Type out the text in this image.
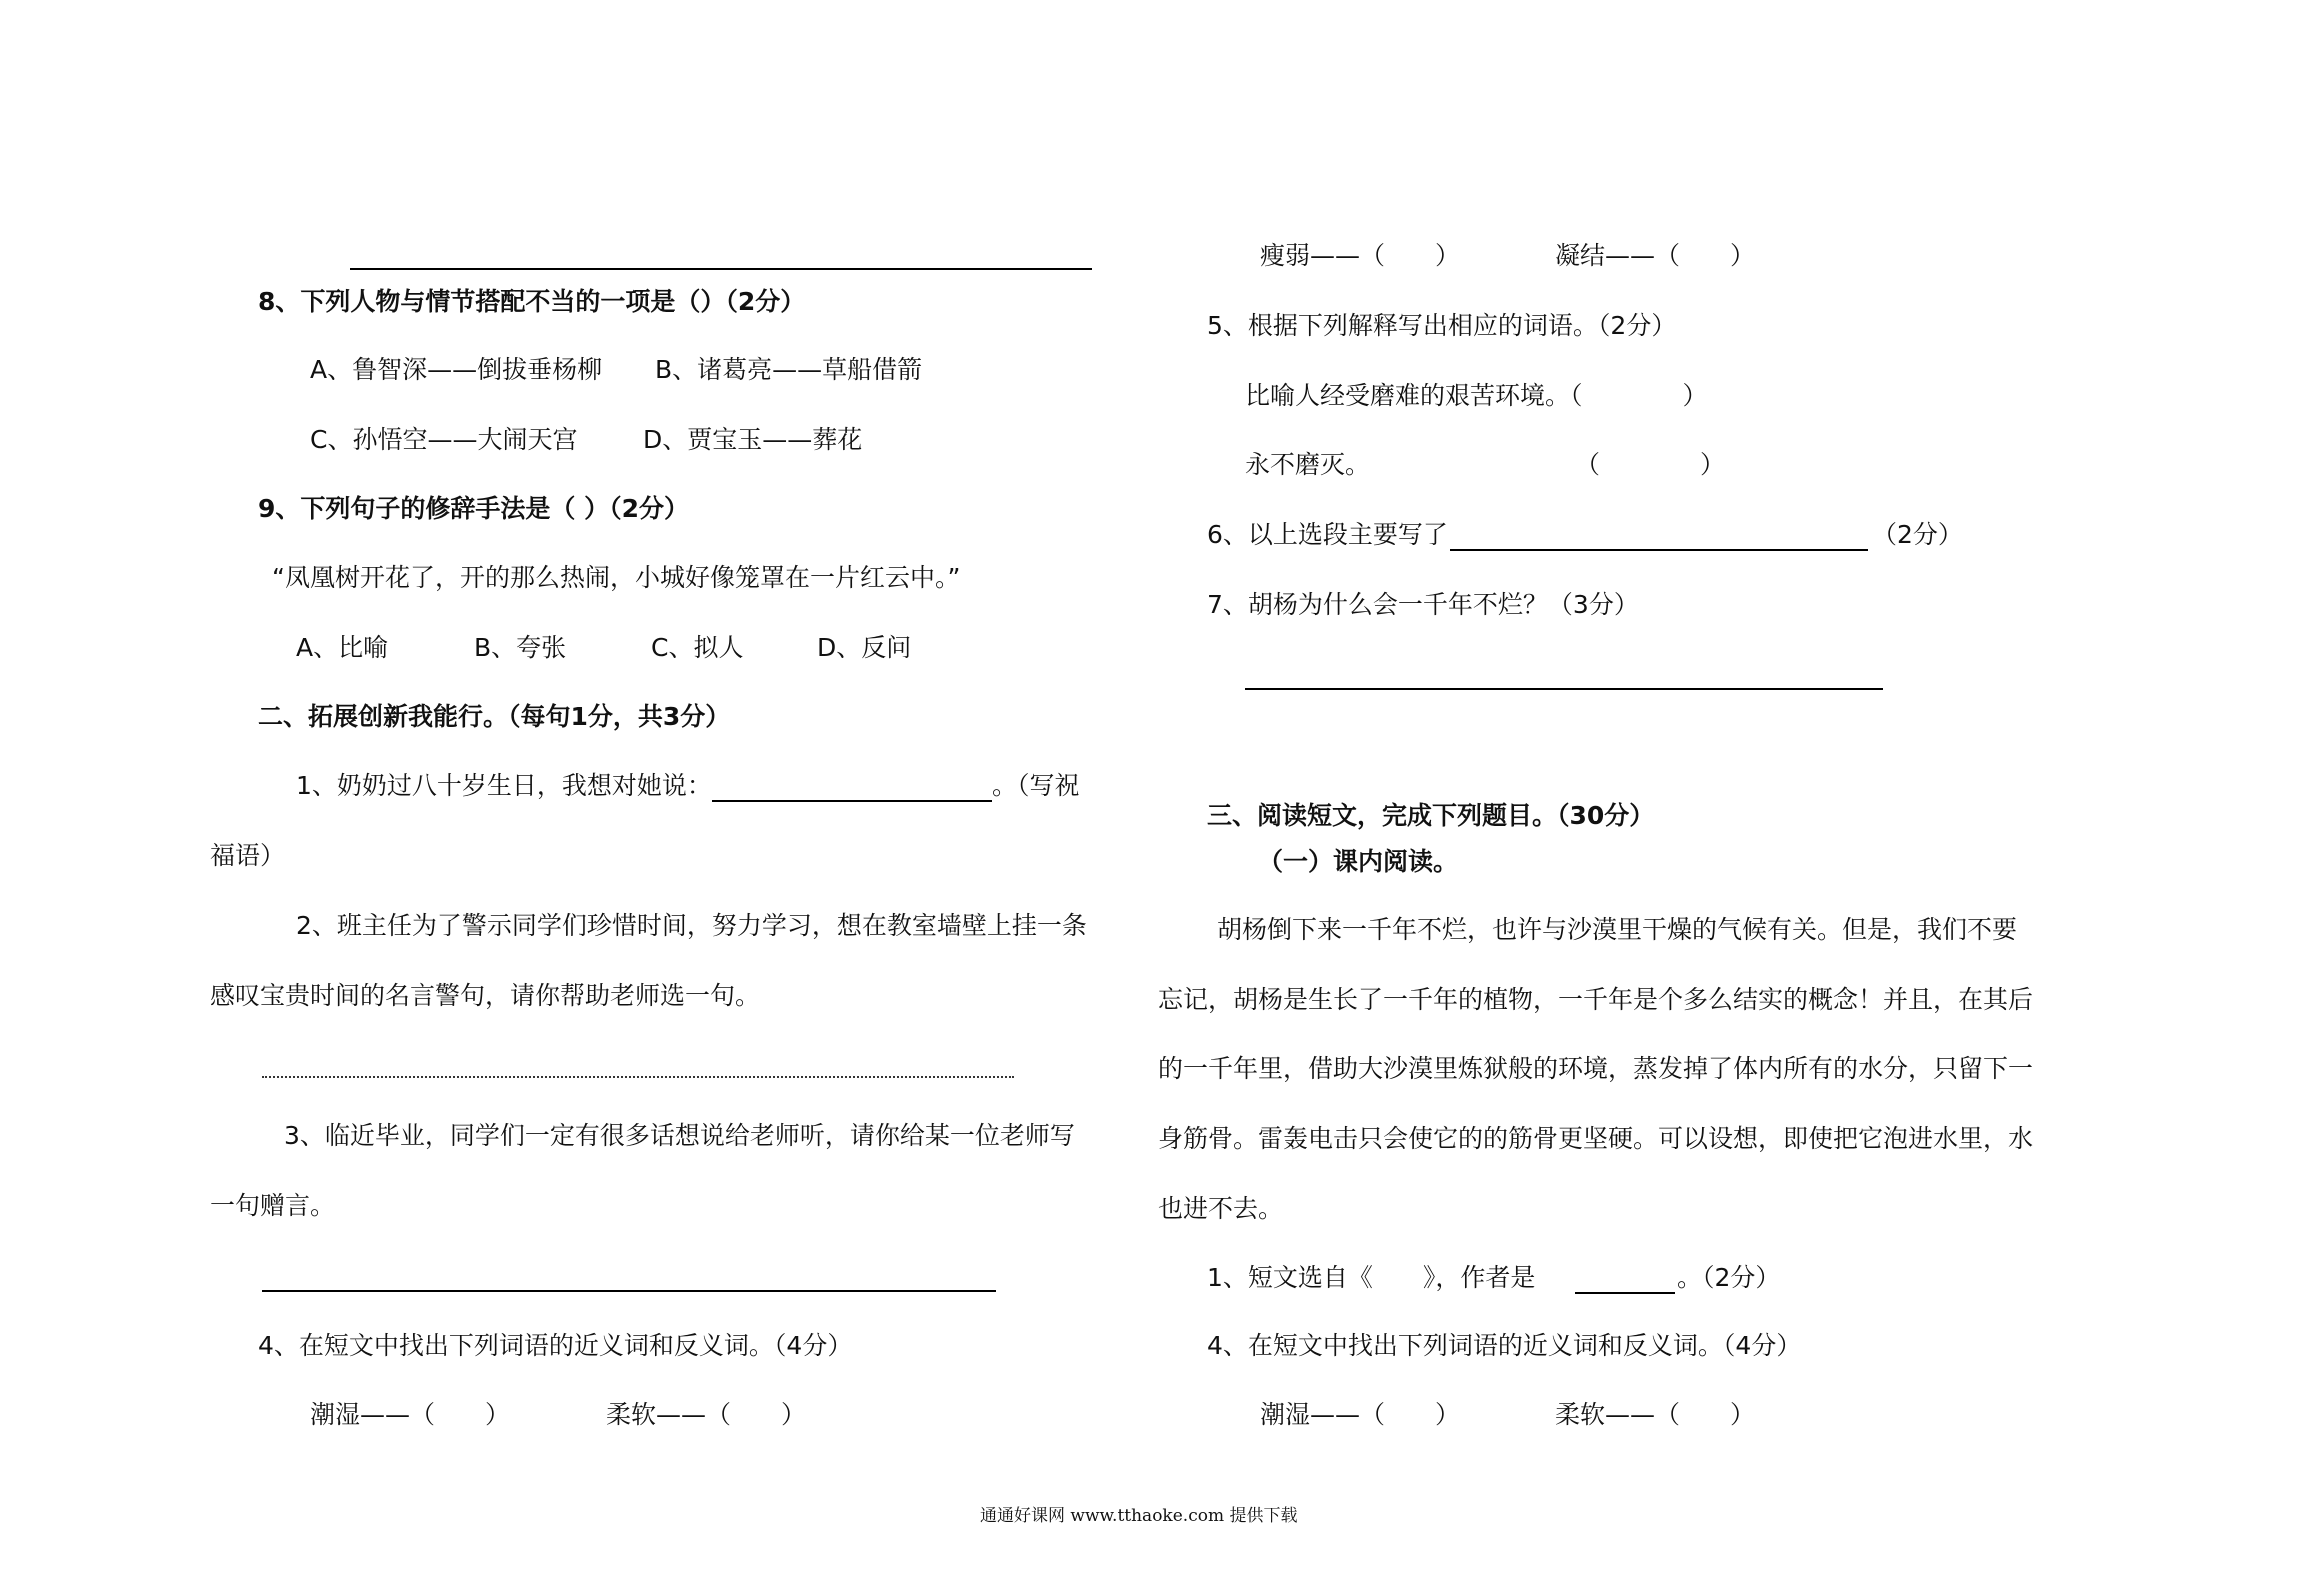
8、下列人物与情节搭配不当的一项是（）（2分）
A、鲁智深——倒拔垂杨柳 B、诸葛亮——草船借箭
C、孙悟空——大闹天宫	D、贾宝玉——葬花
9、下列句子的修辞手法是（ ）（2分）
“凤凰树开花了，开的那么热闹，小城好像笼罩在一片红云中。”
A、比喻	B、夸张	C、拟人	D、反问
二、拓展创新我能行。（每句1分，共3分）
1、奶奶过八十岁生日，我想对她说：	。（写祝
福语）
2、班主任为了警示同学们珍惜时间，努力学习，想在教室墙壁上挂一条
感叹宝贵时间的名言警句，请你帮助老师选一句。
3、临近毕业，同学们一定有很多话想说给老师听，请你给某一位老师写
一句赠言。
4、在短文中找出下列词语的近义词和反义词。（4分）
潮湿——（　　）	柔软——（　　）
瘦弱——（　　）	凝结——（　　）
5、根据下列解释写出相应的词语。（2分）
比喻人经受磨难的艰苦环境。（　　　　）
永不磨灭。	（　　　　）
6、以上选段主要写了	（2分）
7、胡杨为什么会一千年不烂？（3分）
三、阅读短文，完成下列题目。（30分）
（一）课内阅读。
胡杨倒下来一千年不烂，也许与沙漠里干燥的气候有关。但是，我们不要
忘记，胡杨是生长了一千年的植物，一千年是个多么结实的概念！并且，在其后
的一千年里，借助大沙漠里炼狱般的环境，蒸发掉了体内所有的水分，只留下一
身筋骨。雷轰电击只会使它的的筋骨更坚硬。可以设想，即使把它泡进水里，水
也进不去。
1、短文选自《　　》，作者是	。（2分）
4、在短文中找出下列词语的近义词和反义词。（4分）
潮湿——（　　）	柔软——（　　）
通通好课网 www.tthaoke.com 提供下载
